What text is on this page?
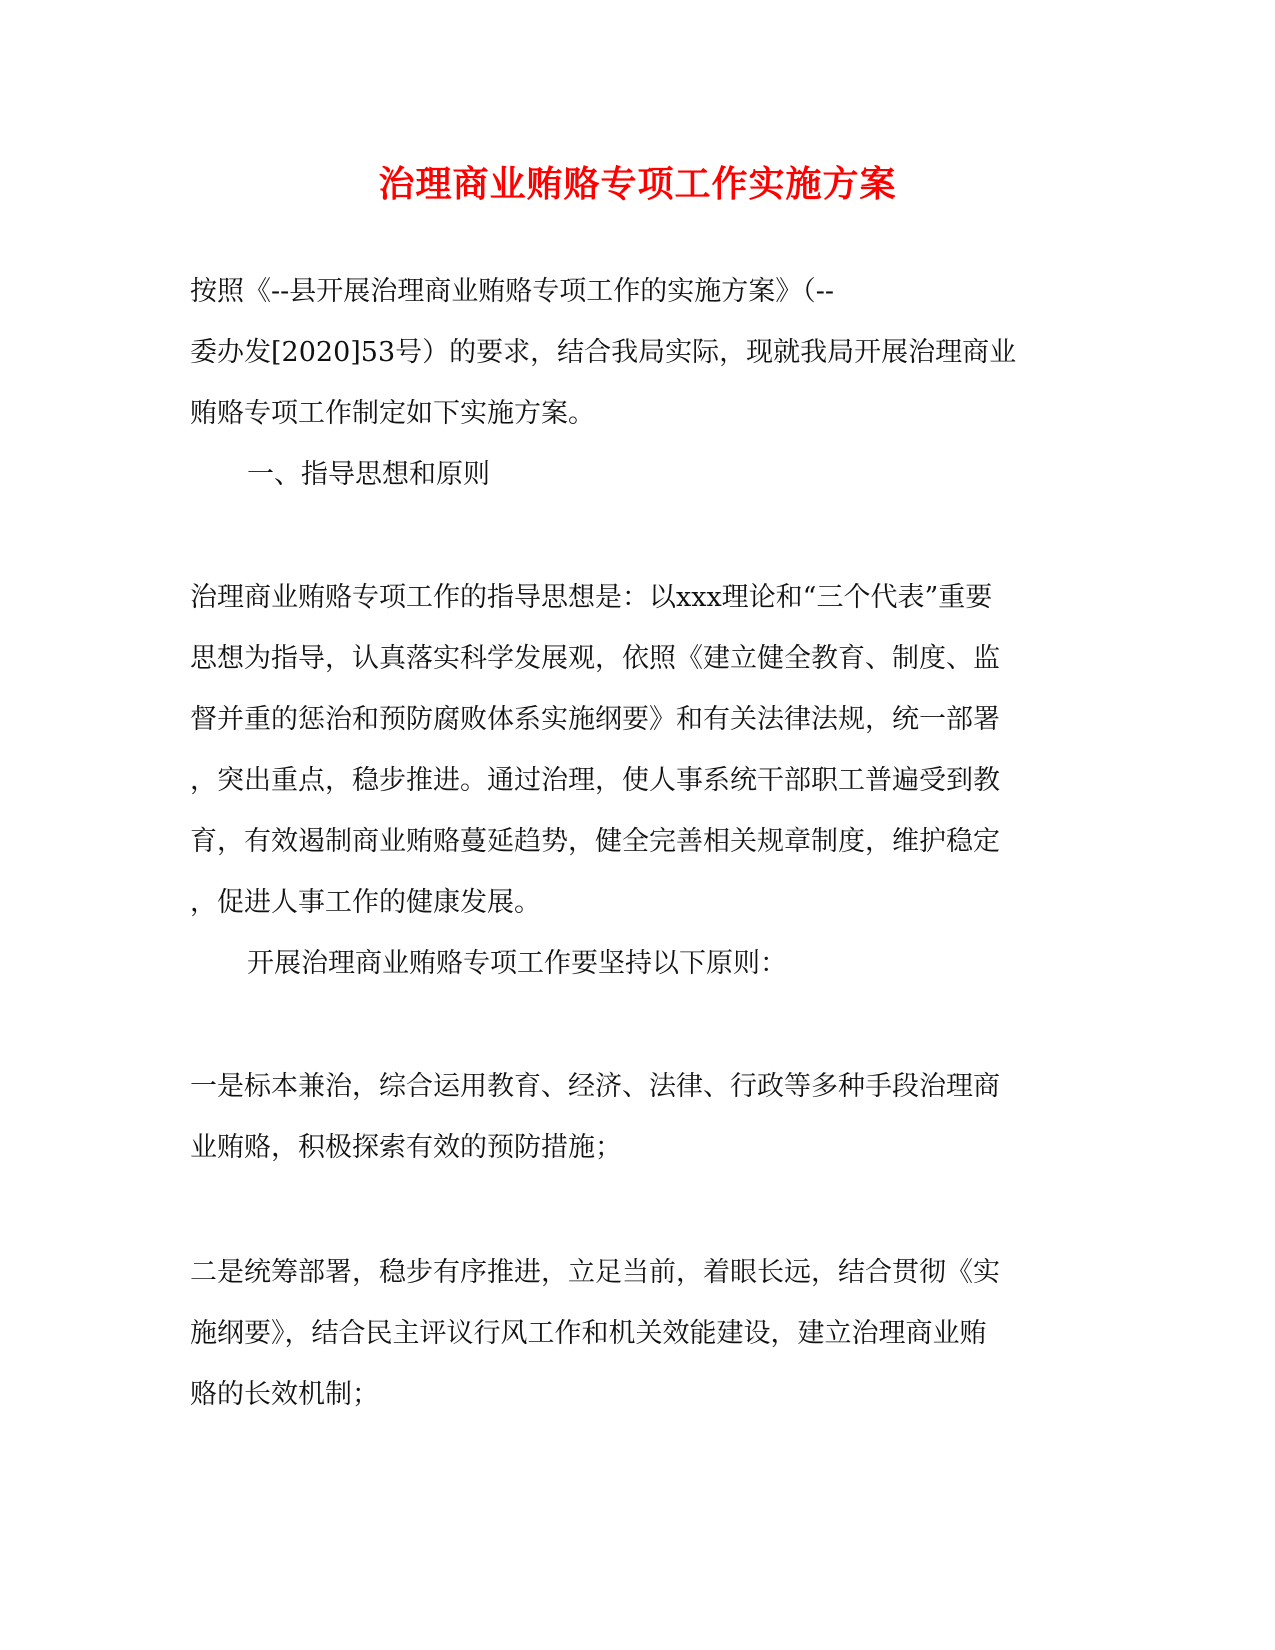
治理商业贿赂专项工作实施方案
按照《--县开展治理商业贿赂专项工作的实施方案》（--
委办发[2020]53号）的要求，结合我局实际，现就我局开展治理商业
贿赂专项工作制定如下实施方案。
一、指导思想和原则
治理商业贿赂专项工作的指导思想是：以xxx理论和“三个代表”重要
思想为指导，认真落实科学发展观，依照《建立健全教育、制度、监
督并重的惩治和预防腐败体系实施纲要》和有关法律法规，统一部署
，突出重点，稳步推进。通过治理，使人事系统干部职工普遍受到教
育，有效遏制商业贿赂蔓延趋势，健全完善相关规章制度，维护稳定
，促进人事工作的健康发展。
开展治理商业贿赂专项工作要坚持以下原则：
一是标本兼治，综合运用教育、经济、法律、行政等多种手段治理商
业贿赂，积极探索有效的预防措施；
二是统筹部署，稳步有序推进，立足当前，着眼长远，结合贯彻《实
施纲要》，结合民主评议行风工作和机关效能建设，建立治理商业贿
赂的长效机制；
